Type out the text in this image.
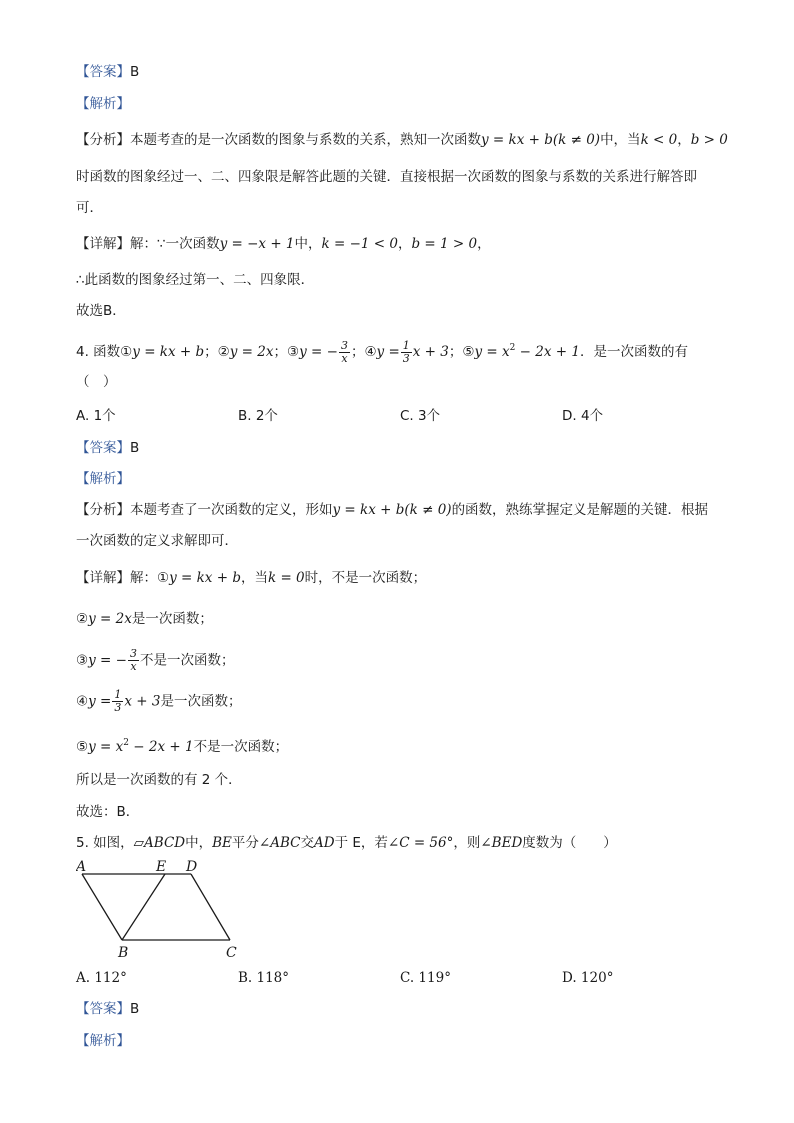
【答案】B
【解析】
【分析】本题考查的是一次函数的图象与系数的关系，熟知一次函数y = kx + b(k ≠ 0)中，当k < 0，b > 0
时函数的图象经过一、二、四象限是解答此题的关键．直接根据一次函数的图象与系数的关系进行解答即
可．
【详解】解：∵一次函数y = −x + 1中，k = −1 < 0，b = 1 > 0，
∴此函数的图象经过第一、二、四象限．
故选B．
4. 函数①y = kx + b；②y = 2x；③y = − $\frac{3}{x}$ ；④y = $\frac{1}{3}$ x + 3；⑤y = $x^2 - 2x + 1$．是一次函数的有
（　）
A. 1个	B. 2个	C. 3个	D. 4个
【答案】B
【解析】
【分析】本题考查了一次函数的定义，形如y = kx + b(k ≠ 0)的函数，熟练掌握定义是解题的关键．根据
一次函数的定义求解即可．
【详解】解：①y = kx + b，当k = 0时，不是一次函数；
②y = 2x是一次函数；
③y = − $\frac{3}{x}$ 不是一次函数；
④y = $\frac{1}{3}$ x + 3是一次函数；
⑤y = $x^2 - 2x + 1$不是一次函数；
所以是一次函数的有 2 个．
故选：B．
5. 如图，▱ABCD中，BE平分∠ABC交AD于 E，若∠C = 56°，则∠BED度数为（　　）
A	E D
B	C
A. 112°	B. 118°	C. 119°	D. 120°
【答案】B
【解析】
